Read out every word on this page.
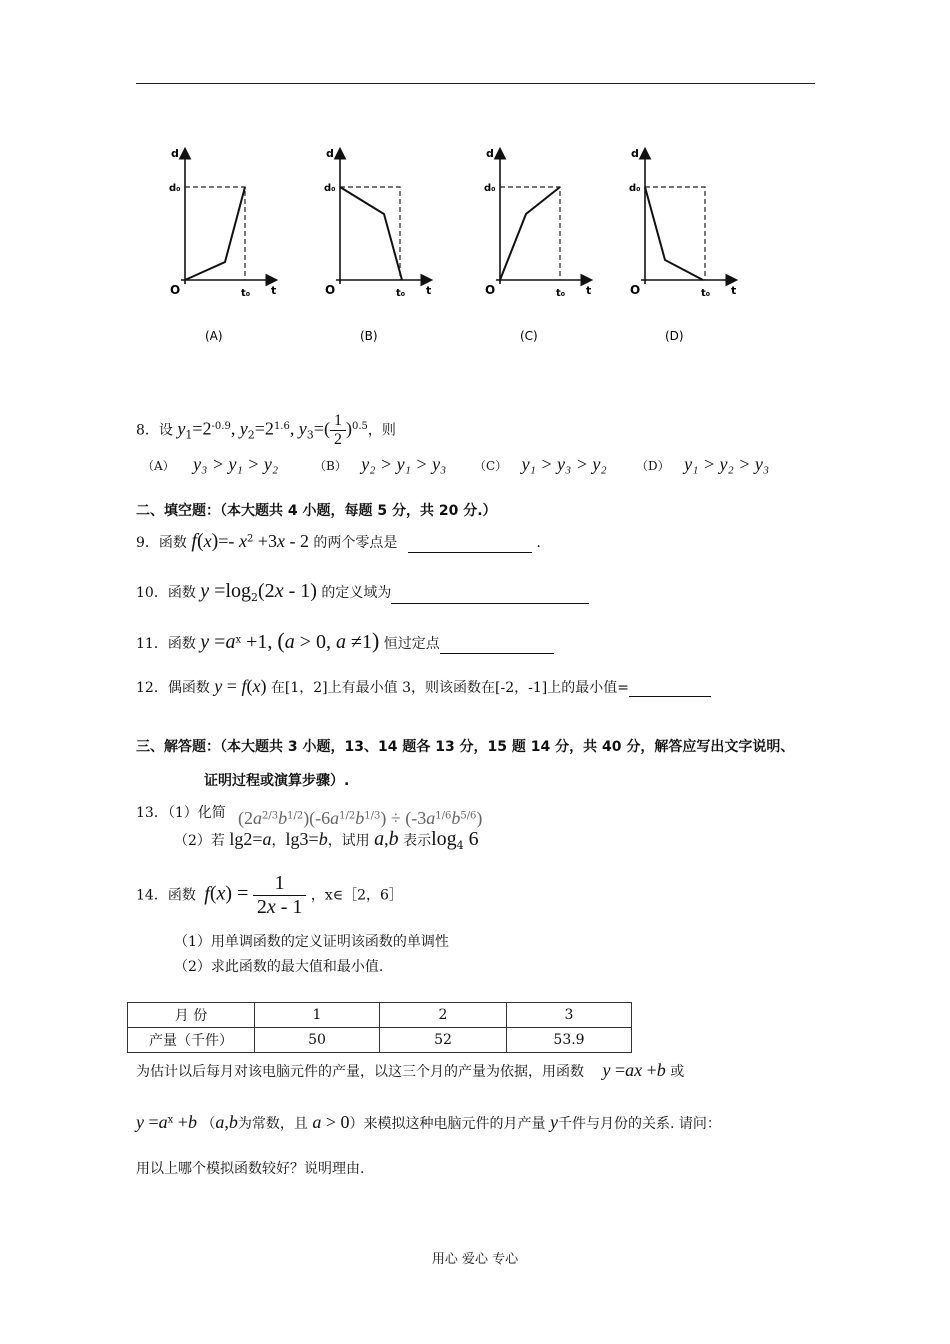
d
d₀
t
t₀
O
(A)
d
d₀
t
t₀
O
(B)
d
d₀
t
t₀
O
(C)
d
d₀
t
t₀
O
(D)
8．设 $y_1=2^{-0.9}$, $y_2=2^{1.6}$, $y_3=( \frac{1}{2} )^{0.5}$，则
（A） y₃ > y₁ > y₂	（B） y₂ > y₁ > y₃ （C） y₁ > y₃ > y₂ （D） y₁ > y₂ > y₃
二、填空题：（本大题共 4 小题，每题 5 分，共 20 分.）
9．函数 f(x)=- $x^2 +3x - 2$ 的两个零点是	.
10．函数 $y =\log_2(2x - 1)$ 的定义域为
11．函数 $y =a^x +1$, (a > 0, a ≠1) 恒过定点
12．偶函数 y = f(x) 在[1，2]上有最小值 3，则该函数在[-2，-1]上的最小值=
三、解答题：（本大题共 3 小题，13、14 题各 13 分，15 题 14 分，共 40 分，解答应写出文字说明、
证明过程或演算步骤）.
13．（1）化简 $(2a^{2/3}b^{1/2})(-6a^{1/2}b^{1/3}) \div (-3a^{1/6}b^{5/6})$
（2）若 lg2=a，lg3=b，试用 a,b 表示$\log_4 6$
14．函数 $f(x) = \frac{1}{2x - 1}$ ，x∈［2，6］
（1）用单调函数的定义证明该函数的单调性
（2）求此函数的最大值和最小值.
月 份	1	2	3
产量（千件）	50	52	53.9
为估计以后每月对该电脑元件的产量，以这三个月的产量为依据，用函数 y =ax +b 或
$y =a^x +b$ （a,b为常数，且 a > 0）来模拟这种电脑元件的月产量 y千件与月份的关系. 请问：
用以上哪个模拟函数较好？说明理由.
用心 爱心 专心
